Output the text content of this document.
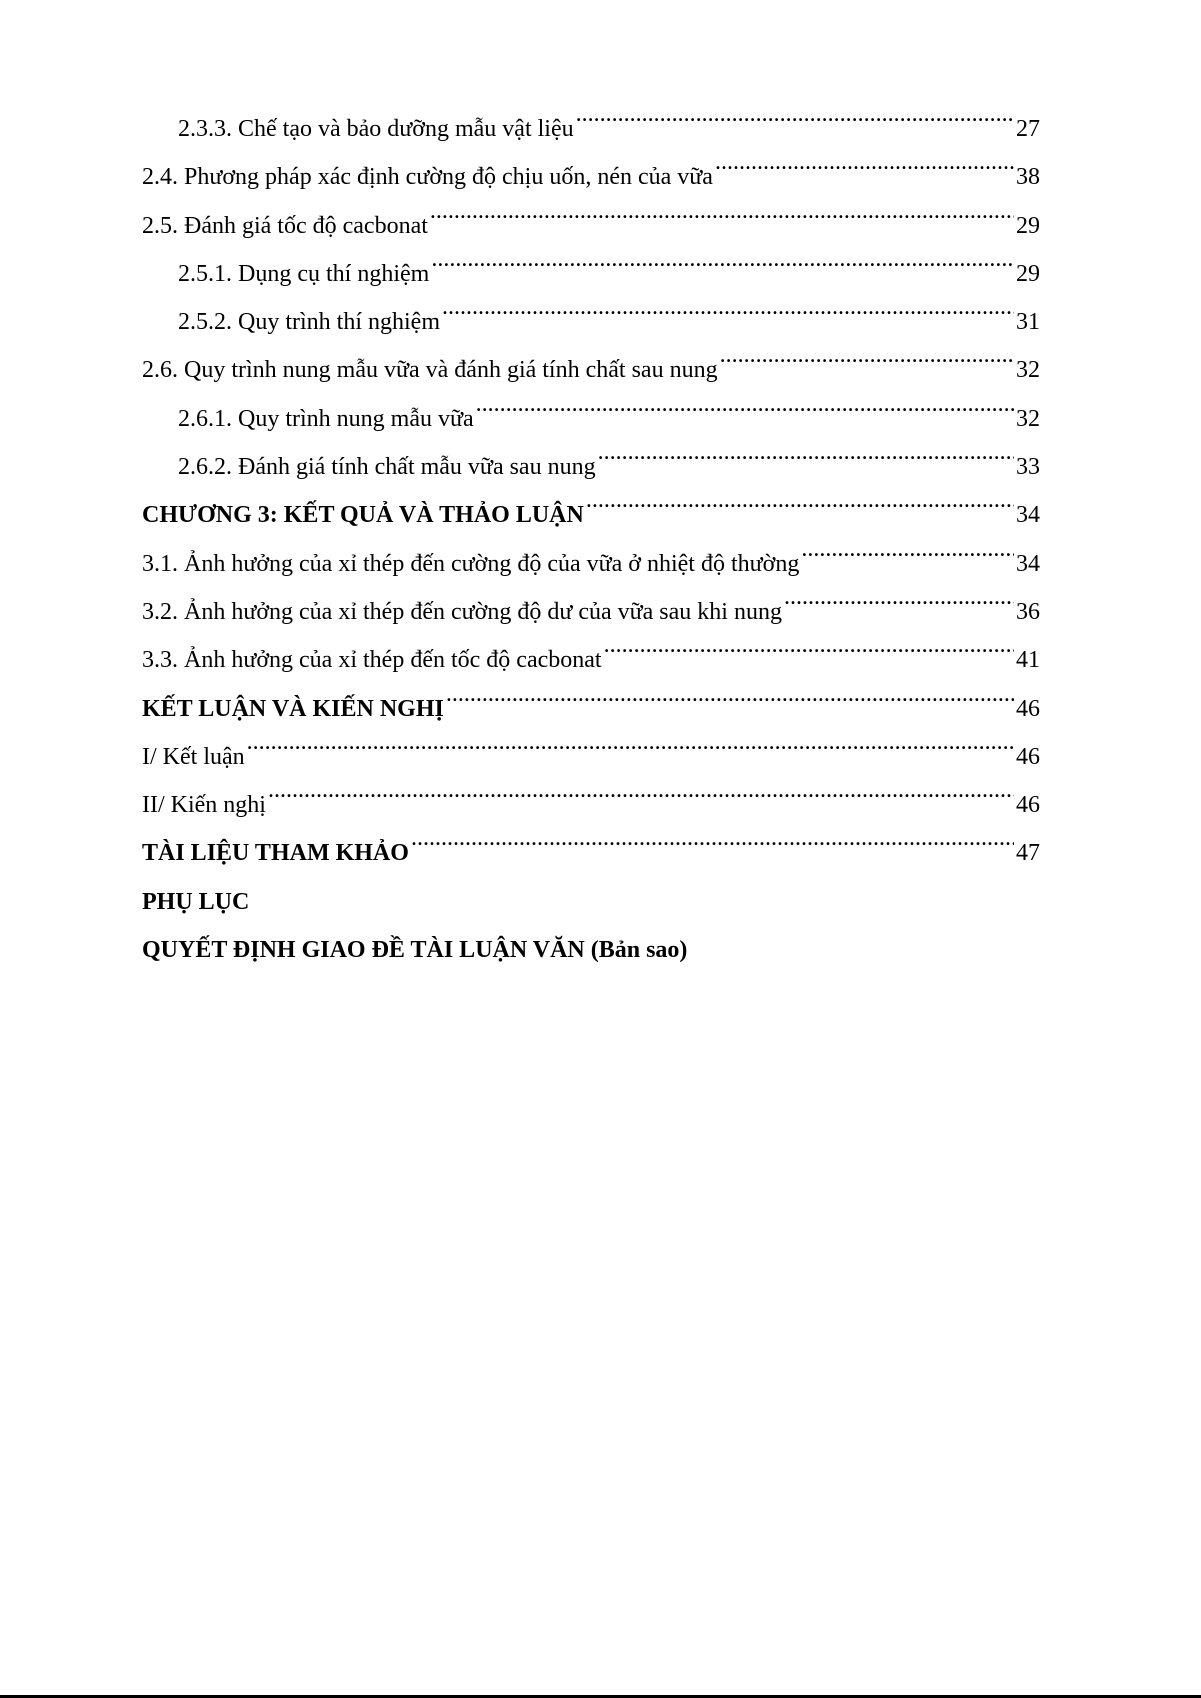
2.3.3. Chế tạo và bảo dưỡng mẫu vật liệu .....	27
2.4. Phương pháp xác định cường độ chịu uốn, nén của vữa .....	38
2.5. Đánh giá tốc độ cacbonat .....	29
2.5.1. Dụng cụ thí nghiệm .....	29
2.5.2. Quy trình thí nghiệm .....	31
2.6. Quy trình nung mẫu vữa và đánh giá tính chất sau nung .....	32
2.6.1. Quy trình nung mẫu vữa .....	32
2.6.2. Đánh giá tính chất mẫu vữa sau nung .....	33
CHƯƠNG 3: KẾT QUẢ VÀ THẢO LUẬN .....	34
3.1. Ảnh hưởng của xỉ thép đến cường độ của vữa ở nhiệt độ thường .....	34
3.2. Ảnh hưởng của xỉ thép đến cường độ dư của vữa sau khi nung .....	36
3.3. Ảnh hưởng của xỉ thép đến tốc độ cacbonat .....	41
KẾT LUẬN VÀ KIẾN NGHỊ .....	46
I/ Kết luận .....	46
II/ Kiến nghị .....	46
TÀI LIỆU THAM KHẢO .....	47
PHỤ LỤC
QUYẾT ĐỊNH GIAO ĐỀ TÀI LUẬN VĂN (Bản sao)
